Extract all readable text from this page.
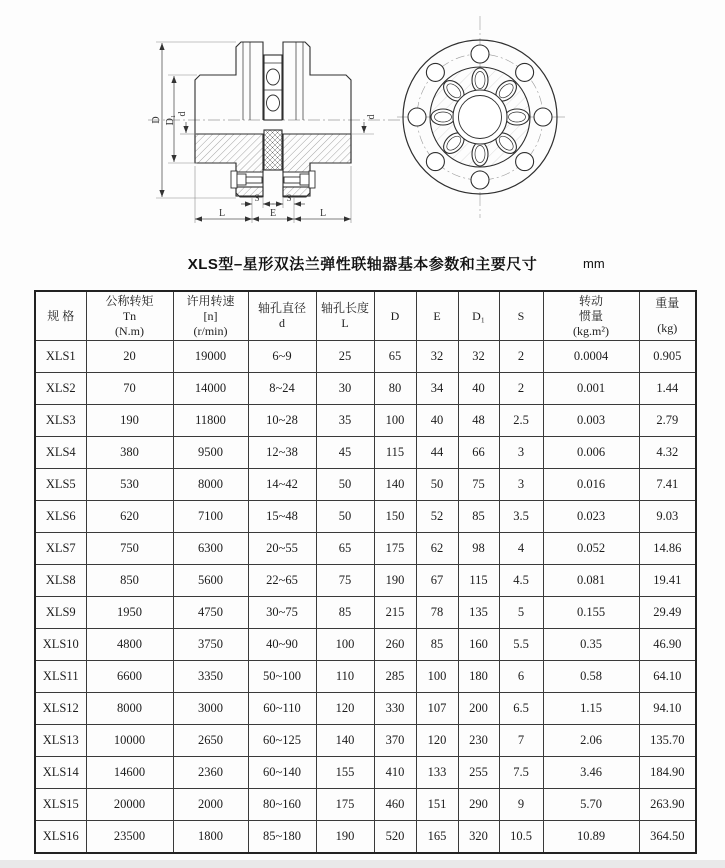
D D₁
d
d
S	S
L	E	L
XLS型–星形双法兰弹性联轴器基本参数和主要尺寸	mm
规 格

公称转矩
Tn
(N.m)

许用转速
[n]
(r/min)

轴孔直径
d

轴孔长度
L

D	E	D₁	S

转动
惯量
(kg.m²)

重量
(kg)

XLS1	20	19000	6~9	25	65	32	32	2	0.0004	0.905
XLS2	70	14000	8~24	30	80	34	40	2	0.001	1.44
XLS3	190	11800	10~28	35	100	40	48	2.5	0.003	2.79
XLS4	380	9500	12~38	45	115	44	66	3	0.006	4.32
XLS5	530	8000	14~42	50	140	50	75	3	0.016	7.41
XLS6	620	7100	15~48	50	150	52	85	3.5	0.023	9.03
XLS7	750	6300	20~55	65	175	62	98	4	0.052	14.86
XLS8	850	5600	22~65	75	190	67	115	4.5	0.081	19.41
XLS9	1950	4750	30~75	85	215	78	135	5	0.155	29.49
XLS10	4800	3750	40~90	100	260	85	160	5.5	0.35	46.90
XLS11	6600	3350	50~100	110	285	100	180	6	0.58	64.10
XLS12	8000	3000	60~110	120	330	107	200	6.5	1.15	94.10
XLS13	10000	2650	60~125	140	370	120	230	7	2.06	135.70
XLS14	14600	2360	60~140	155	410	133	255	7.5	3.46	184.90
XLS15	20000	2000	80~160	175	460	151	290	9	5.70	263.90
XLS16	23500	1800	85~180	190	520	165	320	10.5	10.89	364.50
